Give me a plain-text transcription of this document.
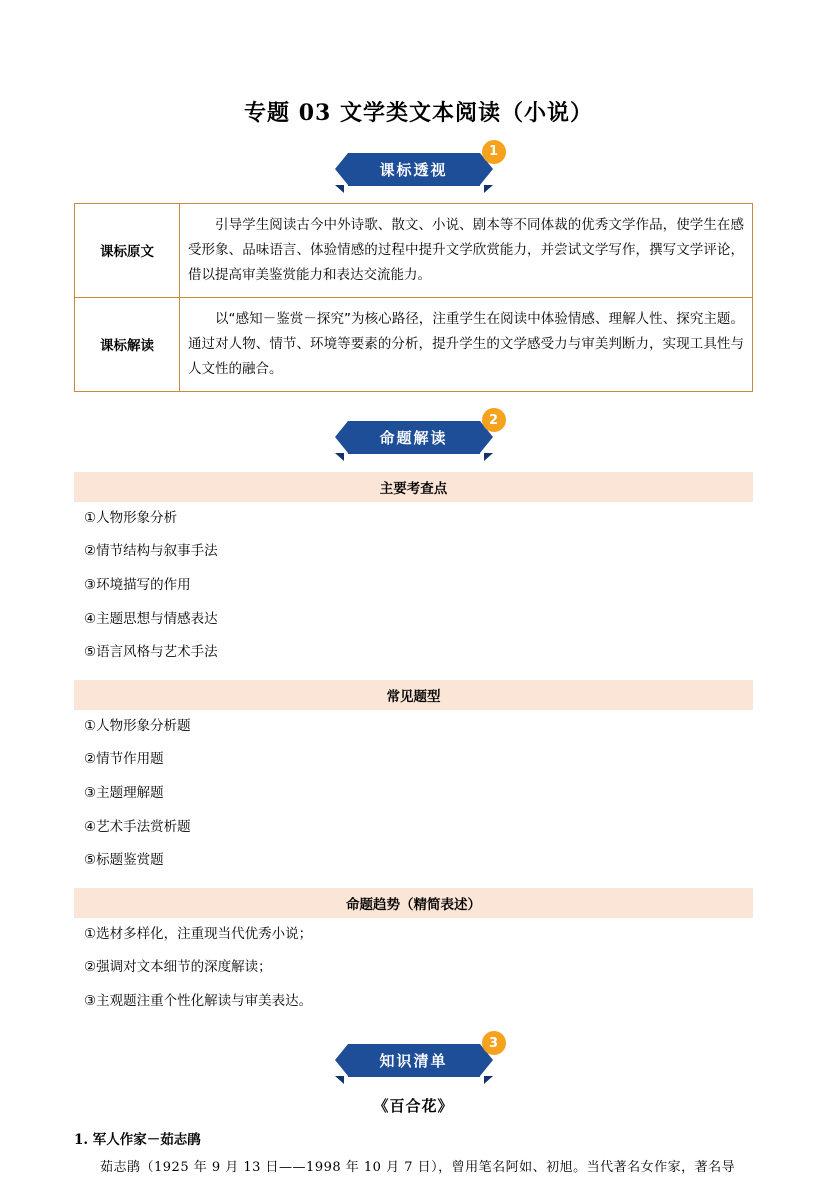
专题 03 文学类文本阅读（小说）
课标透视
1
课标原文	引导学生阅读古今中外诗歌、散文、小说、剧本等不同体裁的优秀文学作品，使学生在感受形象、品味语言、体验情感的过程中提升文学欣赏能力，并尝试文学写作，撰写文学评论，借以提高审美鉴赏能力和表达交流能力。
课标解读	以“感知－鉴赏－探究”为核心路径，注重学生在阅读中体验情感、理解人性、探究主题。通过对人物、情节、环境等要素的分析，提升学生的文学感受力与审美判断力，实现工具性与人文性的融合。
命题解读
2
主要考查点
①人物形象分析
②情节结构与叙事手法
③环境描写的作用
④主题思想与情感表达
⑤语言风格与艺术手法
常见题型
①人物形象分析题
②情节作用题
③主题理解题
④艺术手法赏析题
⑤标题鉴赏题
命题趋势（精简表述）
①选材多样化，注重现当代优秀小说；
②强调对文本细节的深度解读；
③主观题注重个性化解读与审美表达。
知识清单
3
《百合花》
1. 军人作家－茹志鹃

茹志鹃（1925 年 9 月 13 日——1998 年 10 月 7 日），曾用笔名阿如、初旭。当代著名女作家，著名导
